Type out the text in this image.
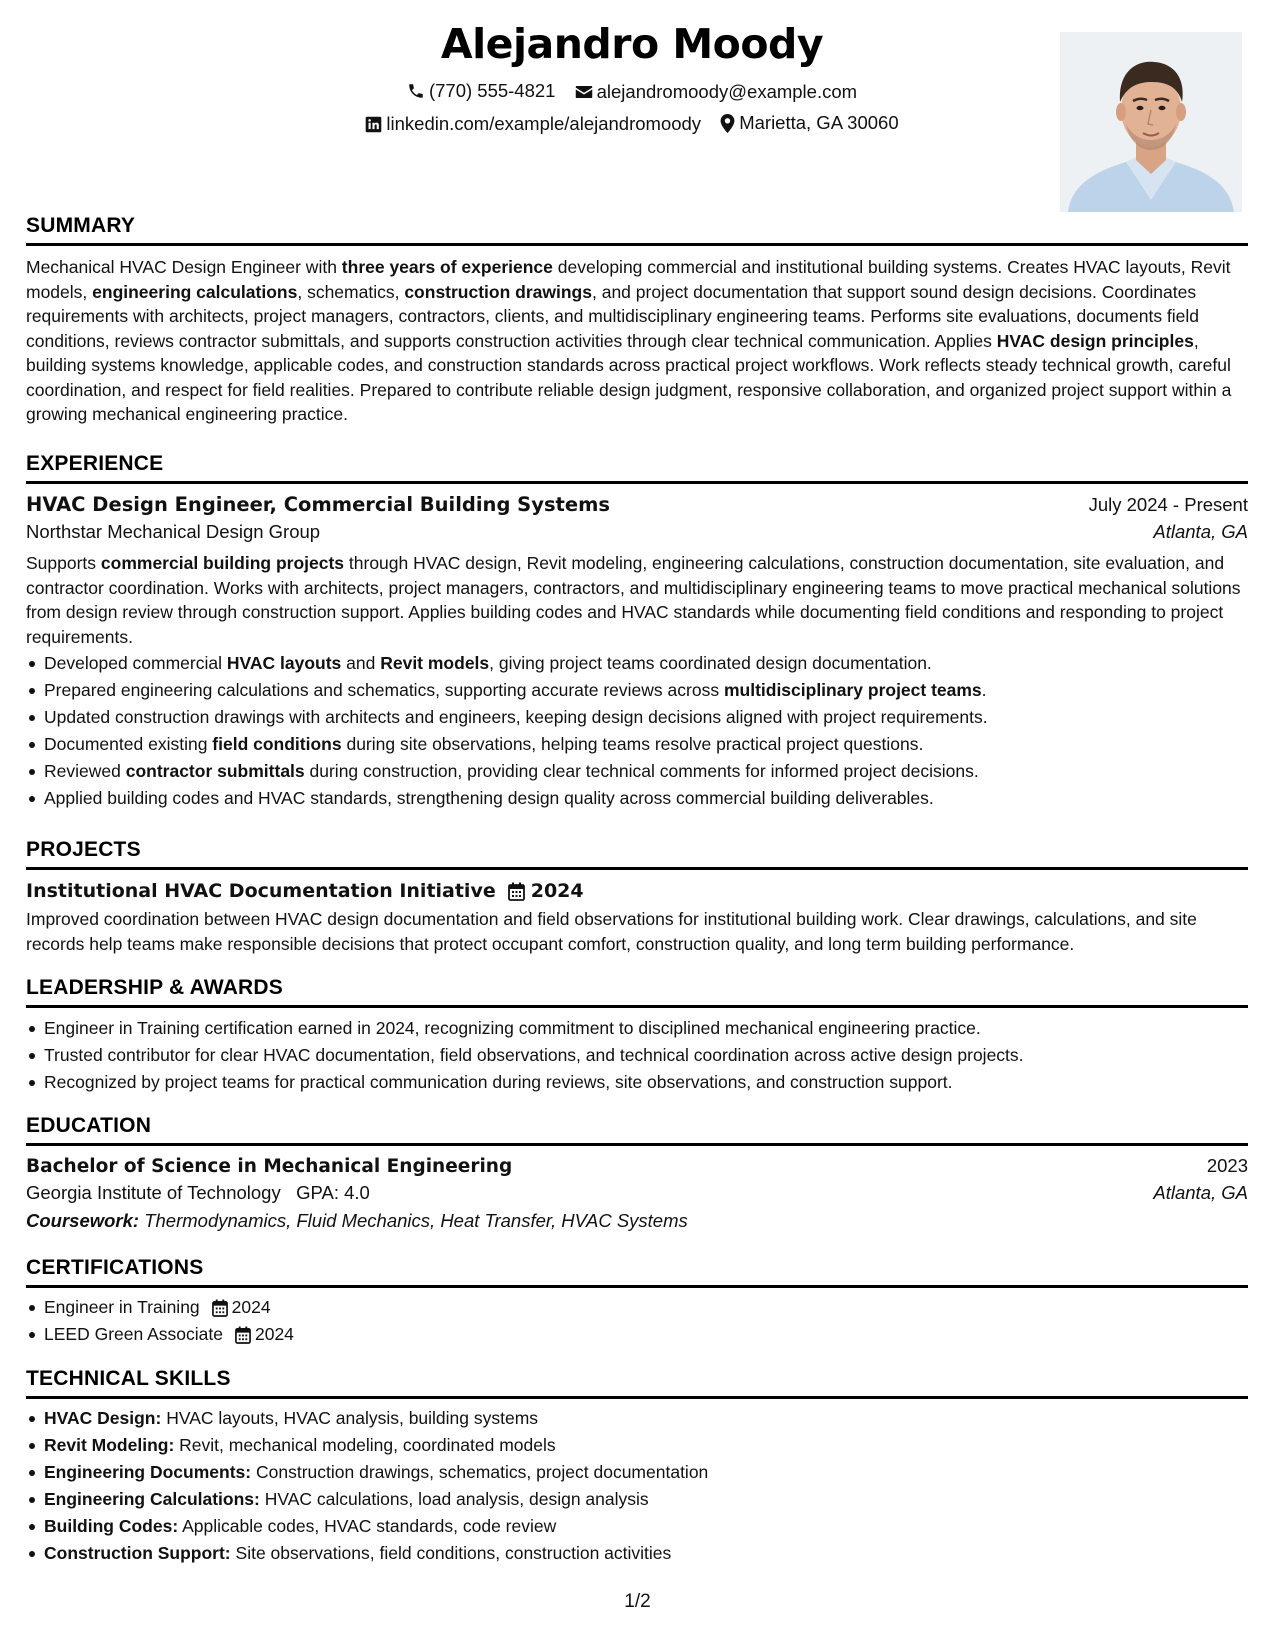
Alejandro Moody
(770) 555-4821
alejandromoody@example.com
linkedin.com/example/alejandromoody
Marietta, GA 30060
SUMMARY
Mechanical HVAC Design Engineer with three years of experience developing commercial and institutional building systems. Creates HVAC layouts, Revit models, engineering calculations, schematics, construction drawings, and project documentation that support sound design decisions. Coordinates requirements with architects, project managers, contractors, clients, and multidisciplinary engineering teams. Performs site evaluations, documents field conditions, reviews contractor submittals, and supports construction activities through clear technical communication. Applies HVAC design principles, building systems knowledge, applicable codes, and construction standards across practical project workflows. Work reflects steady technical growth, careful coordination, and respect for field realities. Prepared to contribute reliable design judgment, responsive collaboration, and organized project support within a growing mechanical engineering practice.
EXPERIENCE
HVAC Design Engineer, Commercial Building Systems	July 2024 - Present
Northstar Mechanical Design Group	Atlanta, GA
Supports commercial building projects through HVAC design, Revit modeling, engineering calculations, construction documentation, site evaluation, and contractor coordination. Works with architects, project managers, contractors, and multidisciplinary engineering teams to move practical mechanical solutions from design review through construction support. Applies building codes and HVAC standards while documenting field conditions and responding to project requirements.
Developed commercial HVAC layouts and Revit models, giving project teams coordinated design documentation.
Prepared engineering calculations and schematics, supporting accurate reviews across multidisciplinary project teams.
Updated construction drawings with architects and engineers, keeping design decisions aligned with project requirements.
Documented existing field conditions during site observations, helping teams resolve practical project questions.
Reviewed contractor submittals during construction, providing clear technical comments for informed project decisions.
Applied building codes and HVAC standards, strengthening design quality across commercial building deliverables.
PROJECTS
Institutional HVAC Documentation Initiative 2024
Improved coordination between HVAC design documentation and field observations for institutional building work. Clear drawings, calculations, and site records help teams make responsible decisions that protect occupant comfort, construction quality, and long term building performance.
LEADERSHIP & AWARDS
Engineer in Training certification earned in 2024, recognizing commitment to disciplined mechanical engineering practice.
Trusted contributor for clear HVAC documentation, field observations, and technical coordination across active design projects.
Recognized by project teams for practical communication during reviews, site observations, and construction support.
EDUCATION
Bachelor of Science in Mechanical Engineering	2023
Georgia Institute of Technology GPA: 4.0	Atlanta, GA
Coursework: Thermodynamics, Fluid Mechanics, Heat Transfer, HVAC Systems
CERTIFICATIONS
Engineer in Training 2024
LEED Green Associate 2024
TECHNICAL SKILLS
HVAC Design: HVAC layouts, HVAC analysis, building systems
Revit Modeling: Revit, mechanical modeling, coordinated models
Engineering Documents: Construction drawings, schematics, project documentation
Engineering Calculations: HVAC calculations, load analysis, design analysis
Building Codes: Applicable codes, HVAC standards, code review
Construction Support: Site observations, field conditions, construction activities
1/2
